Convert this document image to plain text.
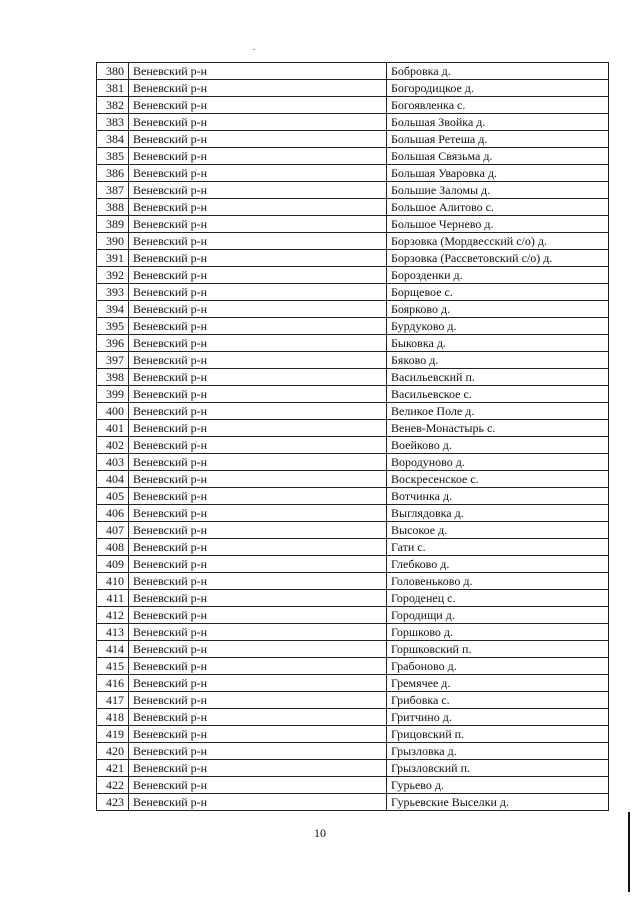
380	Веневский р-н	Бобровка д.
381	Веневский р-н	Богородицкое д.
382	Веневский р-н	Богоявленка с.
383	Веневский р-н	Большая Звойка д.
384	Веневский р-н	Большая Ретеша д.
385	Веневский р-н	Большая Связьма д.
386	Веневский р-н	Большая Уваровка д.
387	Веневский р-н	Большие Заломы д.
388	Веневский р-н	Большое Алитово с.
389	Веневский р-н	Большое Чернево д.
390	Веневский р-н	Борзовка (Мордвесский с/о) д.
391	Веневский р-н	Борзовка (Рассветовский с/о) д.
392	Веневский р-н	Борозденки д.
393	Веневский р-н	Борщевое с.
394	Веневский р-н	Боярково д.
395	Веневский р-н	Бурдуково д.
396	Веневский р-н	Быковка д.
397	Веневский р-н	Бяково д.
398	Веневский р-н	Васильевский п.
399	Веневский р-н	Васильевское с.
400	Веневский р-н	Великое Поле д.
401	Веневский р-н	Венев-Монастырь с.
402	Веневский р-н	Воейково д.
403	Веневский р-н	Вородуново д.
404	Веневский р-н	Воскресенское с.
405	Веневский р-н	Вотчинка д.
406	Веневский р-н	Выглядовка д.
407	Веневский р-н	Высокое д.
408	Веневский р-н	Гати с.
409	Веневский р-н	Глебково д.
410	Веневский р-н	Головеньково д.
411	Веневский р-н	Городенец с.
412	Веневский р-н	Городищи д.
413	Веневский р-н	Горшково д.
414	Веневский р-н	Горшковский п.
415	Веневский р-н	Грабоново д.
416	Веневский р-н	Гремячее д.
417	Веневский р-н	Грибовка с.
418	Веневский р-н	Гритчино д.
419	Веневский р-н	Грицовский п.
420	Веневский р-н	Грызловка д.
421	Веневский р-н	Грызловский п.
422	Веневский р-н	Гурьево д.
423	Веневский р-н	Гурьевские Выселки д.
10
